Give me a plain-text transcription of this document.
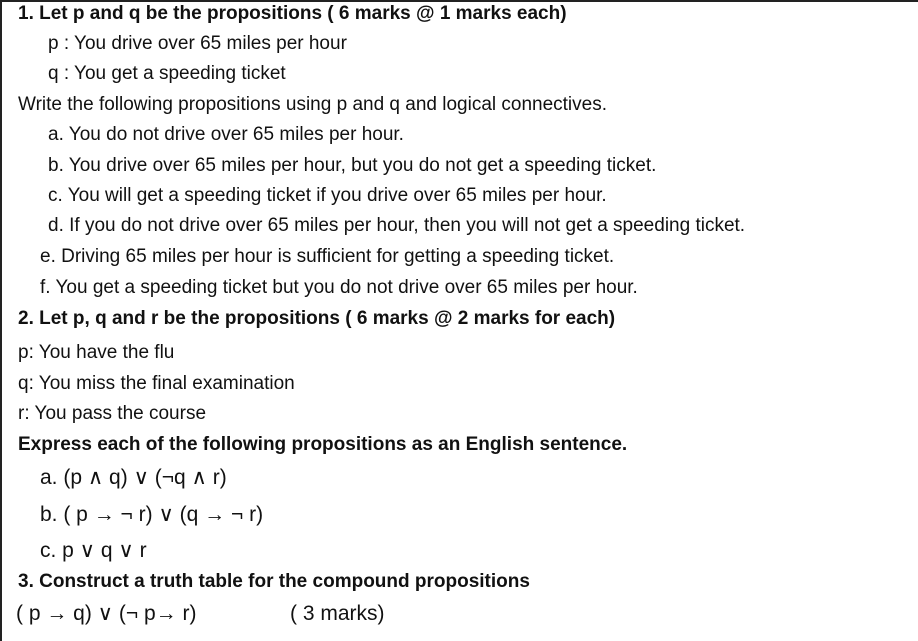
1. Let p and q be the propositions ( 6 marks @ 1 marks each)
p : You drive over 65 miles per hour
q : You get a speeding ticket
Write the following propositions using p and q and logical connectives.
a. You do not drive over 65 miles per hour.
b. You drive over 65 miles per hour, but you do not get a speeding ticket.
c. You will get a speeding ticket if you drive over 65 miles per hour.
d. If you do not drive over 65 miles per hour, then you will not get a speeding ticket.
e. Driving 65 miles per hour is sufficient for getting a speeding ticket.
f. You get a speeding ticket but you do not drive over 65 miles per hour.
2. Let p, q and r be the propositions ( 6 marks @ 2 marks for each)
p: You have the flu
q: You miss the final examination
r: You pass the course
Express each of the following propositions as an English sentence.
a. (p ∧ q) ∨ (¬q ∧ r)
b. ( p → ¬ r) ∨ (q → ¬ r)
c. p ∨ q ∨ r
3. Construct a truth table for the compound propositions
( p → q) ∨ (¬ p→ r)	( 3 marks)
